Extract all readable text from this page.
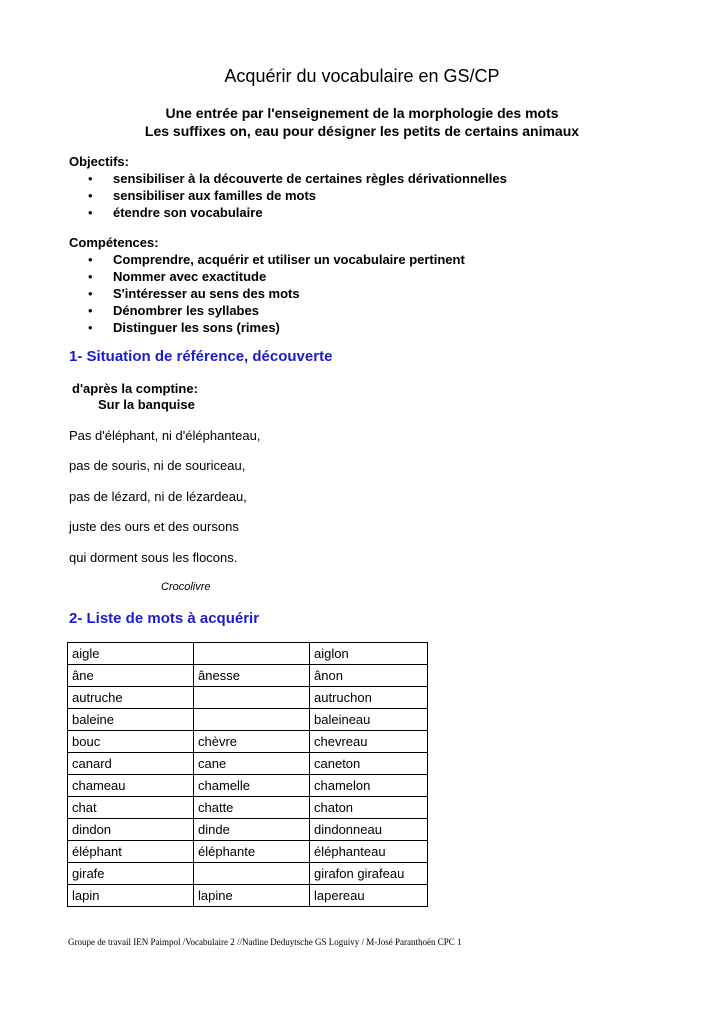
Acquérir du vocabulaire en GS/CP
Une entrée par l'enseignement de la morphologie des mots
Les suffixes on, eau pour désigner les petits de certains animaux
Objectifs:
• sensibiliser à la découverte de certaines règles dérivationnelles
• sensibiliser aux familles de mots
• étendre son vocabulaire
Compétences:
• Comprendre, acquérir et utiliser un vocabulaire pertinent
• Nommer avec exactitude
• S'intéresser au sens des mots
• Dénombrer les syllabes
• Distinguer les sons (rimes)
1- Situation de référence, découverte
d'après la comptine:
Sur la banquise
Pas d'éléphant, ni d'éléphanteau,
pas de souris, ni de souriceau,
pas de lézard, ni de lézardeau,
juste des ours et des oursons
qui dorment sous les flocons.
Crocolivre
2- Liste de mots à acquérir
aigle		aiglon
âne	ânesse	ânon
autruche		autruchon
baleine		baleineau
bouc	chèvre	chevreau
canard	cane	caneton
chameau	chamelle	chamelon
chat	chatte	chaton
dindon	dinde	dindonneau
éléphant	éléphante	éléphanteau
girafe		girafon girafeau
lapin	lapine	lapereau
Groupe de travail IEN Paimpol /Vocabulaire 2 //Nadine Deduytsche GS Loguivy / M-José Paranthoën CPC 1
